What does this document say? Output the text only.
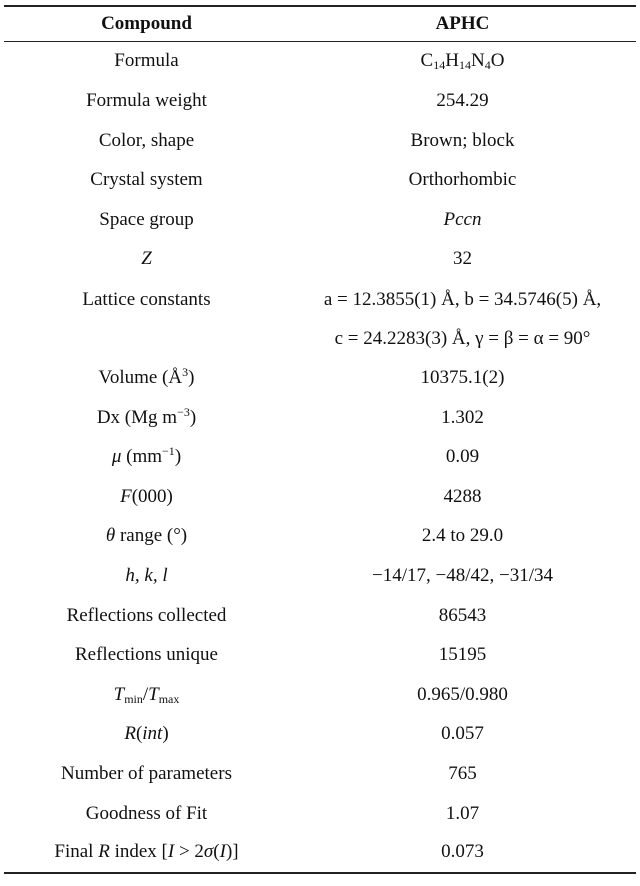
Compound	APHC
Formula	$C_{14}H_{14}N_4O$
Formula weight	254.29
Color, shape	Brown; block
Crystal system	Orthorhombic
Space group	Pccn
Z	32
Lattice constants	a = 12.3855(1) Å, b = 34.5746(5) Å,
c = 24.2283(3) Å, γ = β = α = 90°

Volume $(Å^3)$	10375.1(2)
Dx (Mg $m^{-3}$)	1.302
μ $(mm^{-1})$	0.09
F(000)	4288
θ range (°)	2.4 to 29.0
h, k, l	−14/17, −48/42, −31/34
Reflections collected	86543
Reflections unique	15195
$T_{min}/T_{max}$	0.965/0.980
R(int)	0.057
Number of parameters	765
Goodness of Fit	1.07
Final R index [I > 2σ(I)]	0.073
